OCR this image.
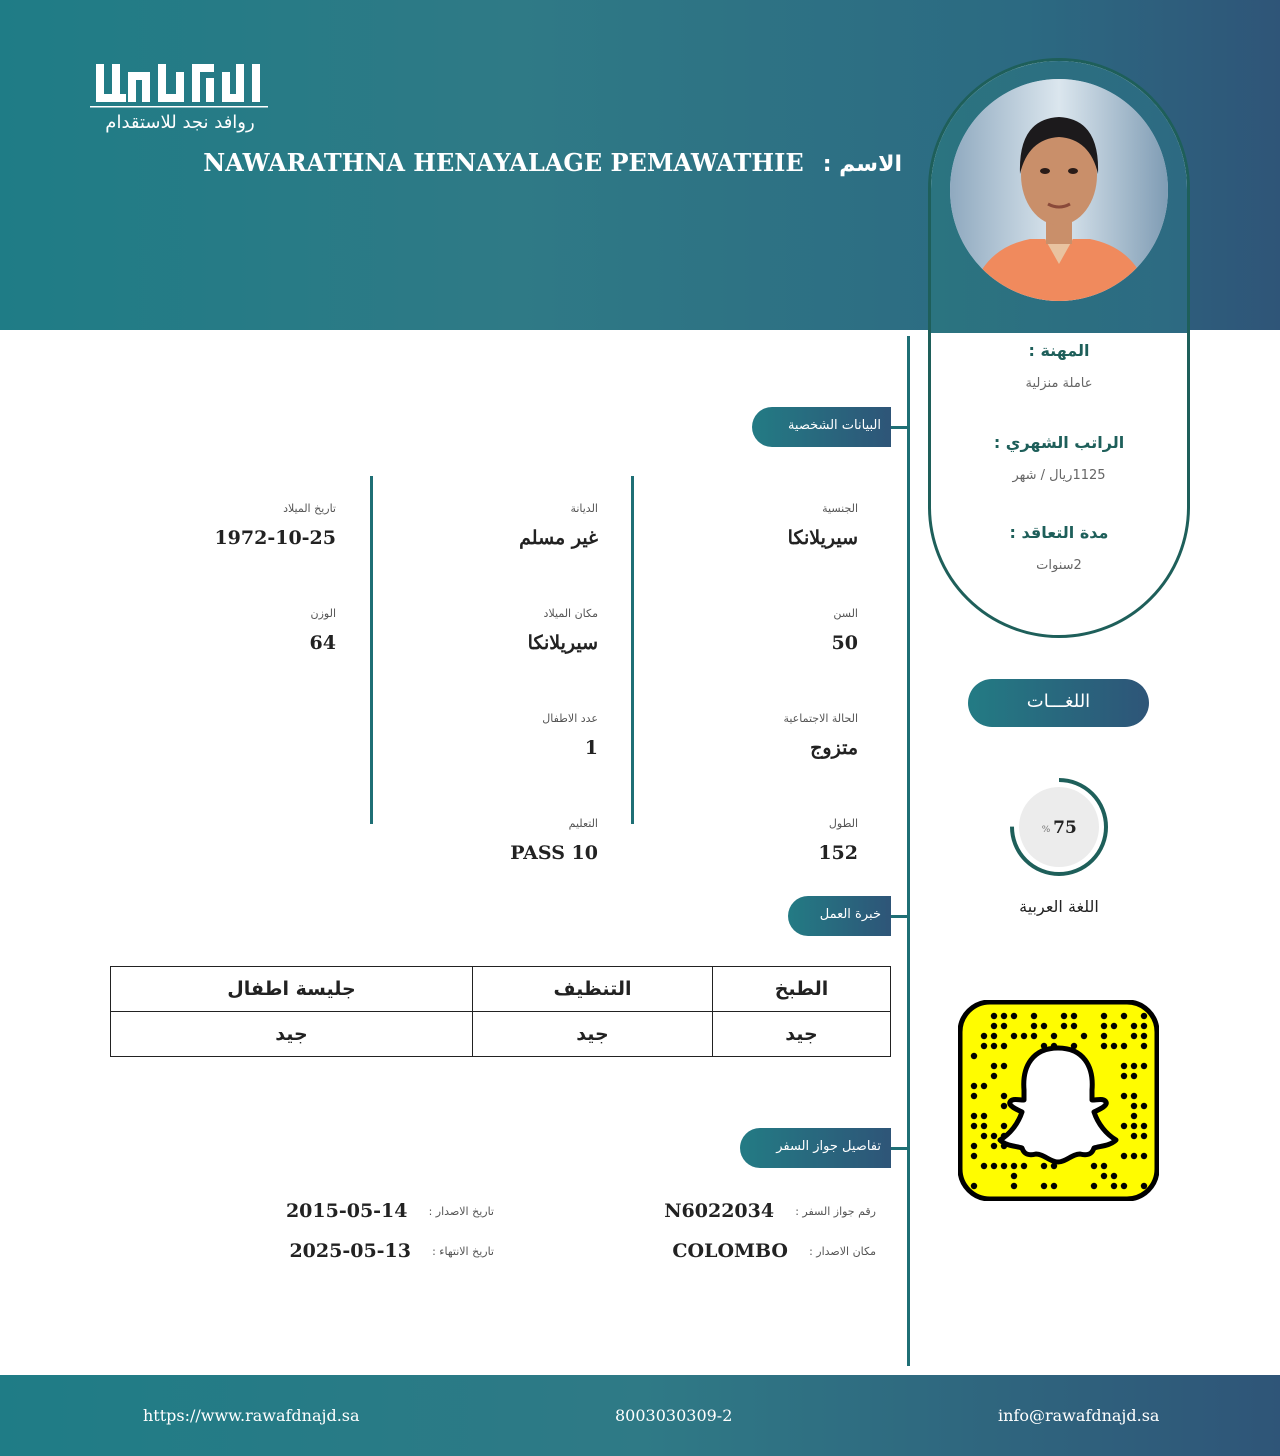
روافد نجد للاستقدام
الاسم : NAWARATHNA HENAYALAGE PEMAWATHIE
المهنة :
عاملة منزلية
الراتب الشهري :
1125ريال / شهر
مدة التعاقد :
2سنوات
اللغـــات
75
%
اللغة العربية
البيانات الشخصية
الجنسية
سيريلانكا
السن
50
الحالة الاجتماعية
متزوج
الطول
152
الديانة
غير مسلم
مكان الميلاد
سيريلانكا
عدد الاطفال
1
التعليم
PASS 10
تاريخ الميلاد
1972-10-25
الوزن
64
خبرة العمل
الطبخ	التنظيف	جليسة اطفال
جيد	جيد	جيد
تفاصيل جواز السفر
رقم جواز السفر : N6022034
مكان الاصدار : COLOMBO
تاريخ الاصدار : 2015-05-14
تاريخ الانتهاء : 2025-05-13
https://www.rawafdnajd.sa	8003030309-2	info@rawafdnajd.sa
